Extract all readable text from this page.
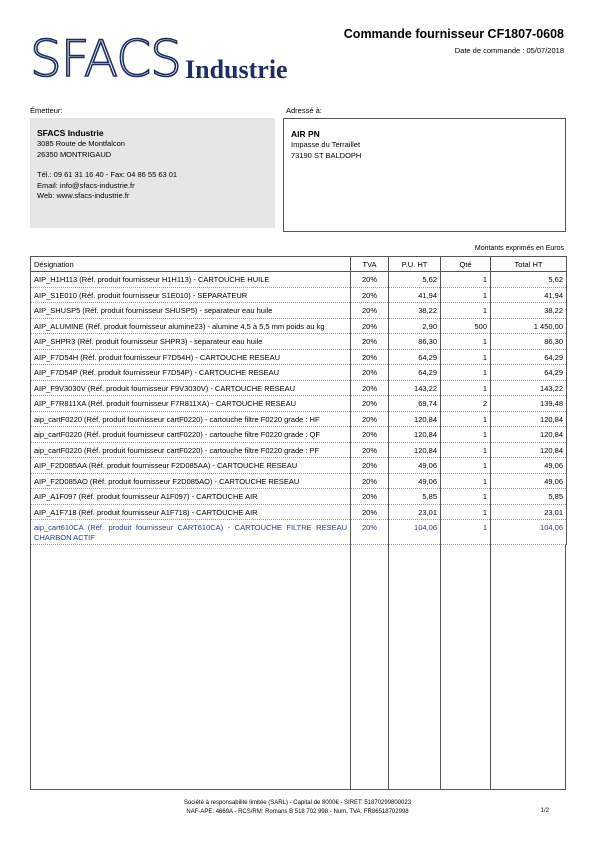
SFACS Industrie
Commande fournisseur CF1807-0608
Date de commande : 05/07/2018
Émetteur:	Adressé à:
SFACS Industrie
3085 Route de Montfalcon
26350 MONTRIGAUD
Tél.: 09 61 31 16 40 - Fax: 04 86 55 63 01
Email: info@sfacs-industrie.fr
Web: www.sfacs-industrie.fr
AIR PN
Impasse du Terraillet
73190 ST BALDOPH
Montants exprimés en Euros
Désignation	TVA	P.U. HT	Qté	Total HT
AIP_H1H113 (Réf. produit fournisseur H1H113) - CARTOUCHE HUILE	20%	5,62	1	5,62
AIP_S1E010 (Réf. produit fournisseur S1E010) - SEPARATEUR	20%	41,94	1	41,94
AIP_SHUSP5 (Réf. produit fournisseur SHUSP5) - separateur eau huile	20%	38,22	1	38,22
AIP_ALUMINE (Réf. produit fournisseur alumine23) - alumine 4,5 à 5,5 mm poids au kg	20%	2,90	500	1 450,00
AIP_SHPR3 (Réf. produit fournisseur SHPR3) - separateur eau huile	20%	86,30	1	86,30
AIP_F7D54H (Réf. produit fournisseur F7D54H) - CARTOUCHE RESEAU	20%	64,29	1	64,29
AIP_F7D54P (Réf. produit fournisseur F7D54P) - CARTOUCHE RESEAU	20%	64,29	1	64,29
AIP_F9V3030V (Réf. produit fournisseur F9V3030V) - CARTOUCHE RESEAU	20%	143,22	1	143,22
AIP_F7R811XA (Réf. produit fournisseur F7R811XA) - CARTOUCHE RESEAU	20%	69,74	2	139,48
aip_cartF0220 (Réf. produit fournisseur cartF0220) - cartouche filtre F0220 grade : HF	20%	120,84	1	120,84
aip_cartF0220 (Réf. produit fournisseur cartF0220) - cartouche filtre F0220 grade : QF	20%	120,84	1	120,84
aip_cartF0220 (Réf. produit fournisseur cartF0220) - cartouche filtre F0220 grade : PF	20%	120,84	1	120,84
AIP_F2D085AA (Réf. produit fournisseur F2D085AA) - CARTOUCHE RESEAU	20%	49,06	1	49,06
AIP_F2D085AO (Réf. produit fournisseur F2D085AO) - CARTOUCHE RESEAU	20%	49,06	1	49,06
AIP_A1F097 (Réf. produit fournisseur A1F097) - CARTOUCHE AIR	20%	5,85	1	5,85
AIP_A1F718 (Réf. produit fournisseur A1F718) - CARTOUCHE AIR	20%	23,01	1	23,01
aip_cart610CA (Réf. produit fournisseur CART610CA) - CARTOUCHE FILTRE RESEAU CHARBON ACTIF	20%	104,06	1	104,06
Société à responsabilité limitée (SARL) - Capital de 8000€ - SIRET: 51870299800023
NAF-APE: 4669A - RCS/RM: Romans B 518 702 998 - Num. TVA: FR86518702998	1/2
